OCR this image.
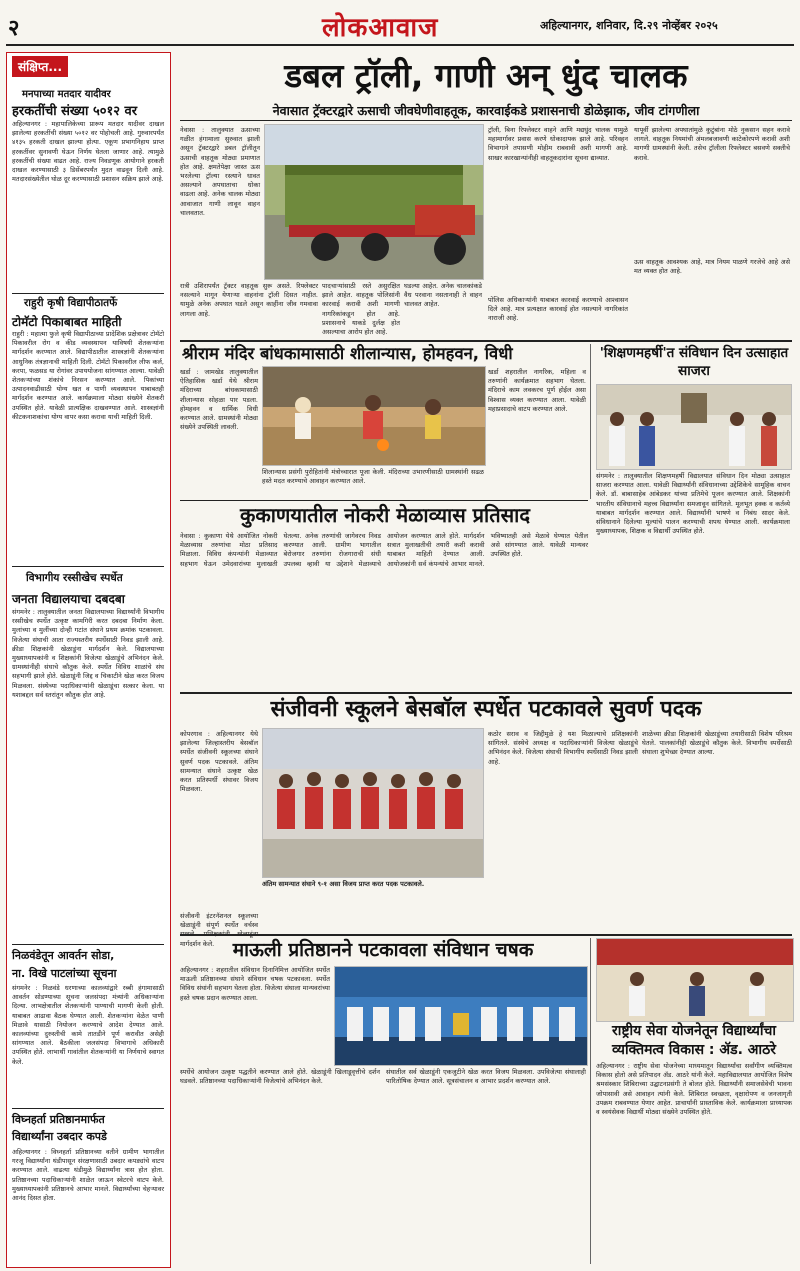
२	लोकआवाज	अहिल्यानगर, शनिवार, दि.२९ नोव्हेंबर २०२५
संक्षिप्त...
मनपाच्या मतदार यादीवर
हरकतींची संख्या ५०१२ वर
अहिल्यानगर : महापालिकेच्या प्रारूप मतदार यादीवर दाखल झालेल्या हरकतींची संख्या ५०१२ वर पोहोचली आहे. गुरुवारपर्यंत ४१३५ हरकती दाखल झाल्या होत्या. एकूण प्रभागनिहाय प्राप्त हरकतींवर सुनावणी घेऊन निर्णय घेतला जाणार आहे. त्यामुळे हरकतींची संख्या वाढत आहे. राज्य निवडणूक आयोगाने हरकती दाखल करण्यासाठी ३ डिसेंबरपर्यंत मुदत वाढवून दिली आहे. मतदारसंख्येतील घोळ दूर करण्यासाठी प्रशासन सक्रिय झाले आहे.
राहुरी कृषी विद्यापीठातर्फे
टोमॅटो पिकाबाबत माहिती
राहुरी : महात्मा फुले कृषी विद्यापीठाच्या प्रादेशिक प्रक्षेत्रावर टोमॅटो पिकावरील रोग व कीड व्यवस्थापन याविषयी शेतकऱ्यांना मार्गदर्शन करण्यात आले. विद्यापीठातील शास्त्रज्ञांनी शेतकऱ्यांना आधुनिक तंत्रज्ञानाची माहिती दिली. टोमॅटो पिकावरील लीफ कर्ल, करपा, फळसड या रोगांवर उपाययोजना सांगण्यात आल्या. यावेळी शेतकऱ्यांच्या शंकांचे निरसन करण्यात आले. पिकांच्या उत्पादनवाढीसाठी योग्य खत व पाणी व्यवस्थापन याबाबतही मार्गदर्शन करण्यात आले. कार्यक्रमाला मोठ्या संख्येने शेतकरी उपस्थित होते. यावेळी प्रात्यक्षिक दाखवण्यात आले. शास्त्रज्ञांनी कीटकनाशकांचा योग्य वापर कसा करावा याची माहिती दिली.
विभागीय रस्सीखेच स्पर्धेत
जनता विद्यालयाचा दबदबा
संगमनेर : तालुक्यातील जनता विद्यालयाच्या विद्यार्थ्यांनी विभागीय रस्सीखेच स्पर्धेत उत्कृष्ट कामगिरी करत दबदबा निर्माण केला. मुलांच्या व मुलींच्या दोन्ही गटांत संघाने प्रथम क्रमांक पटकावला. विजेत्या संघाची आता राज्यस्तरीय स्पर्धेसाठी निवड झाली आहे. क्रीडा शिक्षकांनी खेळाडूंना मार्गदर्शन केले. विद्यालयाच्या मुख्याध्यापकांनी व शिक्षकांनी विजेत्या खेळाडूंचे अभिनंदन केले. ग्रामस्थांनीही संघाचे कौतुक केले. स्पर्धेत विविध शाळांचे संघ सहभागी झाले होते. खेळाडूंनी जिद्द व चिकाटीने खेळ करत विजय मिळवला. संस्थेच्या पदाधिकाऱ्यांनी खेळाडूंचा सत्कार केला. या यशाबद्दल सर्व स्तरांतून कौतुक होत आहे.
निळवंडेतून आवर्तन सोडा,
ना. विखे पाटलांच्या सूचना
संगमनेर : निळवंडे धरणाच्या कालव्यांद्वारे रब्बी हंगामासाठी आवर्तन सोडण्याच्या सूचना जलसंपदा मंत्र्यांनी अधिकाऱ्यांना दिल्या. लाभक्षेत्रातील शेतकऱ्यांनी पाण्याची मागणी केली होती. याबाबत आढावा बैठक घेण्यात आली. शेतकऱ्यांना वेळेत पाणी मिळावे यासाठी नियोजन करण्याचे आदेश देण्यात आले. कालव्यांच्या दुरुस्तीची कामे तातडीने पूर्ण करावीत असेही सांगण्यात आले. बैठकीला जलसंपदा विभागाचे अधिकारी उपस्थित होते. लाभार्थी गावांतील शेतकऱ्यांनी या निर्णयाचे स्वागत केले.
विघ्नहर्ता प्रतिष्ठानमार्फत
विद्यार्थ्यांना उबदार कपडे
अहिल्यानगर : विघ्नहर्ता प्रतिष्ठानच्या वतीने ग्रामीण भागातील गरजू विद्यार्थ्यांना थंडीपासून संरक्षणासाठी उबदार कपड्यांचे वाटप करण्यात आले. वाढत्या थंडीमुळे विद्यार्थ्यांना त्रास होत होता. प्रतिष्ठानच्या पदाधिकाऱ्यांनी शाळेत जाऊन स्वेटरचे वाटप केले. मुख्याध्यापकांनी प्रतिष्ठानचे आभार मानले. विद्यार्थ्यांच्या चेहऱ्यावर आनंद दिसत होता.
डबल ट्रॉली, गाणी अन् धुंद चालक
नेवासात ट्रॅक्टरद्वारे ऊसाची जीवघेणीवाहतूक, कारवाईकडे प्रशासनाची डोळेझाक, जीव टांगणीला
नेवासा : तालुक्यात ऊसाच्या गळीत हंगामाला सुरुवात झाली असून ट्रॅक्टरद्वारे डबल ट्रॉलीतून ऊसाची वाहतूक मोठ्या प्रमाणात होत आहे. क्षमतेपेक्षा जास्त ऊस भरलेल्या ट्रॉल्या रस्त्याने धावत असल्याने अपघाताचा धोका वाढला आहे. अनेक चालक मोठ्या आवाजात गाणी लावून वाहन चालवतात.
रात्री उशिरापर्यंत ट्रॅक्टर वाहतूक सुरू असते. रिफ्लेक्टर नसल्याने मागून येणाऱ्या वाहनांना ट्रॉली दिसत नाहीत. यामुळे अनेक अपघात घडले असून काहींना जीव गमवावा लागला आहे.
पादचाऱ्यांसाठी रस्ते असुरक्षित झाले आहेत. वाहतूक पोलिसांनी कारवाई करावी अशी मागणी नागरिकांकडून होत आहे. प्रशासनाचे याकडे दुर्लक्ष होत असल्याचा आरोप होत आहे.
घडल्या आहेत. अनेक चालकांकडे वैध परवाना नसतानाही ते वाहन चालवत आहेत.
ट्रॉली, बिना रिफ्लेक्टर वाहने आणि मद्यधुंद चालक यामुळे महामार्गावर प्रवास करणे धोकादायक झाले आहे. परिवहन विभागाने तपासणी मोहीम राबवावी अशी मागणी आहे. साखर कारखान्यांनीही वाहतूकदारांना सूचना द्याव्यात.
पोलिस अधिकाऱ्यांनी याबाबत कारवाई करण्याचे आश्वासन दिले आहे. मात्र प्रत्यक्षात कारवाई होत नसल्याने नागरिकांत नाराजी आहे.
यापूर्वी झालेल्या अपघातांमुळे कुटुंबांना मोठे नुकसान सहन करावे लागले. वाहतूक नियमांची अंमलबजावणी काटेकोरपणे करावी अशी मागणी ग्रामस्थांनी केली. तसेच ट्रॉलीला रिफ्लेक्टर बसवणे सक्तीचे करावे.
ऊस वाहतूक आवश्यक आहे, मात्र नियम पाळणे गरजेचे आहे असे मत व्यक्त होत आहे.
श्रीराम मंदिर बांधकामासाठी शीलान्यास, होमहवन, विधी
खर्डा : जामखेड तालुक्यातील ऐतिहासिक खर्डा येथे श्रीराम मंदिराच्या बांधकामासाठी शीलान्यास सोहळा पार पडला. होमहवन व धार्मिक विधी करण्यात आले. ग्रामस्थांनी मोठ्या संख्येने उपस्थिती लावली.
शिलान्यास प्रसंगी पुरोहितांनी मंत्रोच्चारात पूजा केली. मंदिराच्या उभारणीसाठी ग्रामस्थांनी सढळ हस्ते मदत करण्याचे आवाहन करण्यात आले.
खर्डा शहरातील नागरिक, महिला व तरुणांनी कार्यक्रमात सहभाग घेतला. मंदिराचे काम लवकरच पूर्ण होईल असा विश्वास व्यक्त करण्यात आला. यावेळी महाप्रसादाचे वाटप करण्यात आले.
'शिक्षणमहर्षी'त संविधान दिन उत्साहात साजरा
संगमनेर : तालुक्यातील शिक्षणमहर्षी विद्यालयात संविधान दिन मोठ्या उत्साहात साजरा करण्यात आला. यावेळी विद्यार्थ्यांनी संविधानाच्या उद्देशिकेचे सामूहिक वाचन केले. डॉ. बाबासाहेब आंबेडकर यांच्या प्रतिमेचे पूजन करण्यात आले. शिक्षकांनी भारतीय संविधानाचे महत्त्व विद्यार्थ्यांना समजावून सांगितले. मूलभूत हक्क व कर्तव्ये याबाबत मार्गदर्शन करण्यात आले. विद्यार्थ्यांनी भाषणे व निबंध सादर केले. संविधानाने दिलेल्या मूल्यांचे पालन करण्याची शपथ घेण्यात आली. कार्यक्रमाला मुख्याध्यापक, शिक्षक व विद्यार्थी उपस्थित होते.
कुकाणयातील नोकरी मेळाव्यास प्रतिसाद
नेवासा : कुकाणा येथे आयोजित नोकरी मेळाव्यास तरुणांचा मोठा प्रतिसाद मिळाला. विविध कंपन्यांनी मेळाव्यात सहभाग घेऊन उमेदवारांच्या मुलाखती घेतल्या. अनेक तरुणांची जागेवरच निवड करण्यात आली. ग्रामीण भागातील बेरोजगार तरुणांना रोजगाराची संधी उपलब्ध व्हावी या उद्देशाने मेळाव्याचे आयोजन करण्यात आले होते. मार्गदर्शन सत्रात मुलाखतीची तयारी कशी करावी याबाबत माहिती देण्यात आली. आयोजकांनी सर्व कंपन्यांचे आभार मानले. भविष्यातही असे मेळावे घेण्यात येतील असे सांगण्यात आले. यावेळी मान्यवर उपस्थित होते.
संजीवनी स्कूलने बेसबॉल स्पर्धेत पटकावले सुवर्ण पदक
कोपरगाव : अहिल्यानगर येथे झालेल्या जिल्हास्तरीय बेसबॉल स्पर्धेत संजीवनी स्कूलच्या संघाने सुवर्ण पदक पटकावले. अंतिम सामन्यात संघाने उत्कृष्ट खेळ करत प्रतिस्पर्धी संघावर विजय मिळवला.
संजीवनी इंटरनॅशनल स्कूलच्या खेळाडूंनी संपूर्ण स्पर्धेत वर्चस्व मार्गदर्शन केले.
अंतिम सामन्यात संघाने ९-१ असा विजय प्राप्त करत पदक पटकावले.
कठोर सराव व जिद्दीमुळे हे यश मिळाल्याचे प्रशिक्षकांनी सांगितले. संस्थेचे अध्यक्ष व पदाधिकाऱ्यांनी विजेत्या खेळाडूंचे अभिनंदन केले. विजेत्या संघाची विभागीय स्पर्धेसाठी निवड झाली आहे.
शाळेच्या क्रीडा शिक्षकांनी खेळाडूंच्या तयारीसाठी विशेष परिश्रम घेतले. पालकांनीही खेळाडूंचे कौतुक केले. विभागीय स्पर्धेसाठी संघाला शुभेच्छा देण्यात आल्या.
माऊली प्रतिष्ठानने पटकावला संविधान चषक
अहिल्यानगर : शहरातील संविधान दिनानिमित्त आयोजित स्पर्धेत माऊली प्रतिष्ठानच्या संघाने संविधान चषक पटकावला. स्पर्धेत विविध संघांनी सहभाग घेतला होता. विजेत्या संघाला मान्यवरांच्या हस्ते चषक प्रदान करण्यात आला.
स्पर्धेचे आयोजन उत्कृष्ट पद्धतीने करण्यात आले होते. खेळाडूंनी खिलाडूवृत्तीचे दर्शन घडवले. प्रतिष्ठानच्या पदाधिकाऱ्यांनी विजेत्यांचे अभिनंदन केले.
संघातील सर्व खेळाडूंनी एकजुटीने खेळ करत विजय मिळवला. उपविजेत्या संघालाही पारितोषिक देण्यात आले. सूत्रसंचालन व आभार प्रदर्शन करण्यात आले.
राष्ट्रीय सेवा योजनेतून विद्यार्थ्यांचा व्यक्तिमत्व विकास : ॲड. आठरे
अहिल्यानगर : राष्ट्रीय सेवा योजनेच्या माध्यमातून विद्यार्थ्यांचा सर्वांगीण व्यक्तिमत्व विकास होतो असे प्रतिपादन ॲड. आठरे यांनी केले. महाविद्यालयात आयोजित विशेष श्रमसंस्कार शिबिराच्या उद्घाटनप्रसंगी ते बोलत होते. विद्यार्थ्यांनी समाजसेवेची भावना जोपासावी असे आवाहन त्यांनी केले. शिबिरात स्वच्छता, वृक्षारोपण व जनजागृती उपक्रम राबवण्यात येणार आहेत. प्राचार्यांनी प्रास्ताविक केले. कार्यक्रमाला प्राध्यापक व स्वयंसेवक विद्यार्थी मोठ्या संख्येने उपस्थित होते.
